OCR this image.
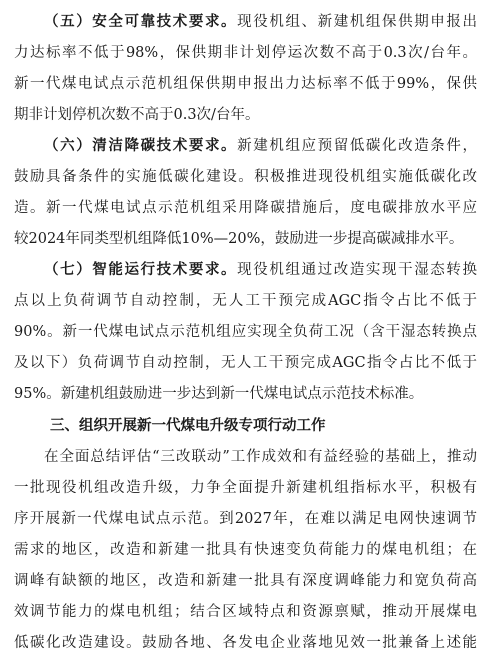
（五）安全可靠技术要求。现役机组、新建机组保供期申报出
力达标率不低于98%，保供期非计划停运次数不高于0.3次/台年。
新一代煤电试点示范机组保供期申报出力达标率不低于99%，保供
期非计划停机次数不高于0.3次/台年。
（六）清洁降碳技术要求。新建机组应预留低碳化改造条件，
鼓励具备条件的实施低碳化建设。积极推进现役机组实施低碳化改
造。新一代煤电试点示范机组采用降碳措施后，度电碳排放水平应
较2024年同类型机组降低10%—20%，鼓励进一步提高碳减排水平。
（七）智能运行技术要求。现役机组通过改造实现干湿态转换
点以上负荷调节自动控制，无人工干预完成AGC指令占比不低于
90%。新一代煤电试点示范机组应实现全负荷工况（含干湿态转换点
及以下）负荷调节自动控制，无人工干预完成AGC指令占比不低于
95%。新建机组鼓励进一步达到新一代煤电试点示范技术标准。
三、组织开展新一代煤电升级专项行动工作
在全面总结评估“三改联动”工作成效和有益经验的基础上，推动
一批现役机组改造升级，力争全面提升新建机组指标水平，积极有
序开展新一代煤电试点示范。到2027年，在难以满足电网快速调节
需求的地区，改造和新建一批具有快速变负荷能力的煤电机组；在
调峰有缺额的地区，改造和新建一批具有深度调峰能力和宽负荷高
效调节能力的煤电机组；结合区域特点和资源禀赋，推动开展煤电
低碳化改造建设。鼓励各地、各发电企业落地见效一批兼备上述能
